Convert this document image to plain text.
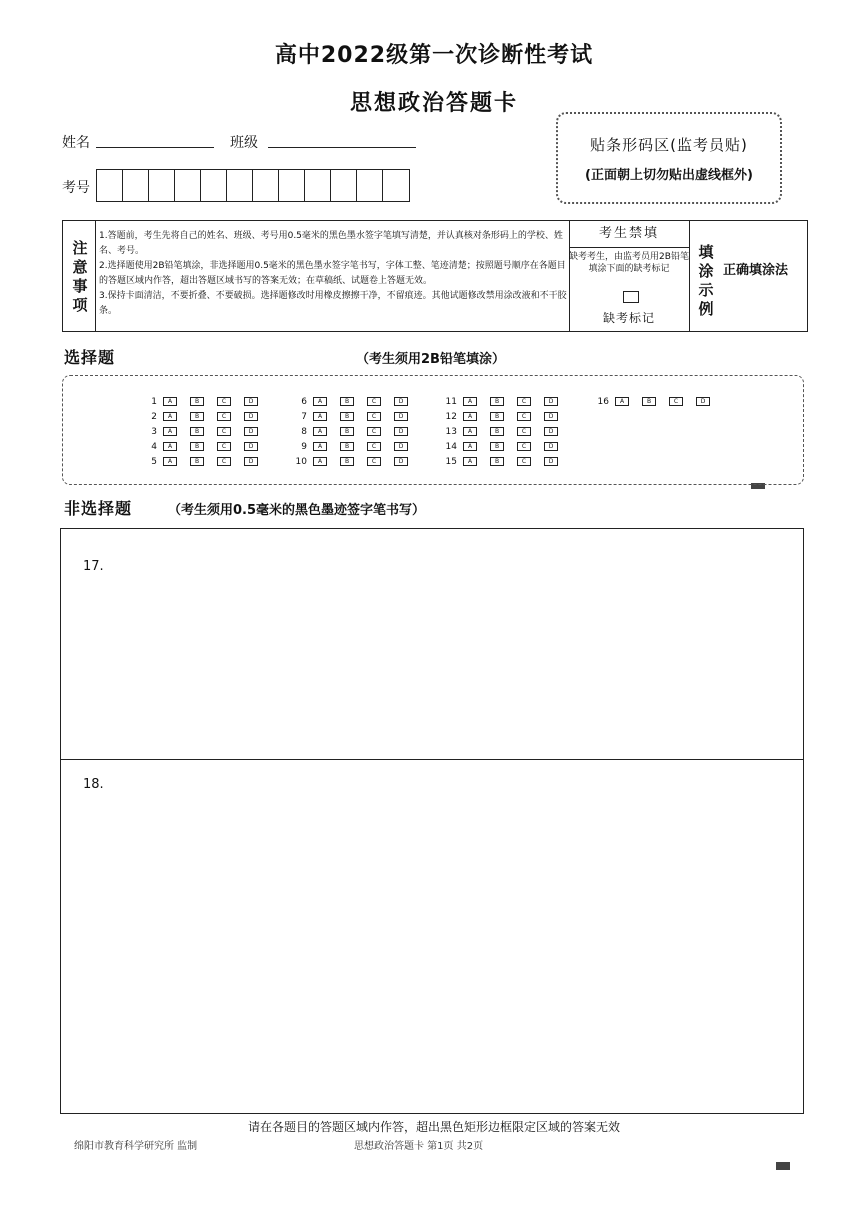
高中2022级第一次诊断性考试
思想政治答题卡
姓名	班级
考号
贴条形码区(监考员贴)
(正面朝上切勿贴出虚线框外)
注
意
事
项
1.答题前，考生先将自己的姓名、班级、考号用0.5毫米的黑色墨水签字笔填写清楚，并认真核对条形码上的学校、姓名、考号。
2.选择题使用2B铅笔填涂，非选择题用0.5毫米的黑色墨水签字笔书写，字体工整、笔迹清楚；按照题号顺序在各题目的答题区域内作答，超出答题区域书写的答案无效；在草稿纸、试题卷上答题无效。
3.保持卡面清洁，不要折叠、不要破损。选择题修改时用橡皮擦擦干净，不留痕迹。其他试题修改禁用涂改液和不干胶条。
考生禁填
缺考考生，由监考员用2B铅笔填涂下面的缺考标记
缺考标记
填
涂
示
例
正确填涂法
选择题	（考生须用2B铅笔填涂）
1	A	B	C	D
2	A	B	C	D
3	A	B	C	D
4	A	B	C	D
5	A	B	C	D
6	A	B	C	D
7	A	B	C	D
8	A	B	C	D
9	A	B	C	D
10	A	B	C	D
11	A	B	C	D
12	A	B	C	D
13	A	B	C	D
14	A	B	C	D
15	A	B	C	D
16	A	B	C	D
非选择题	（考生须用0.5毫米的黑色墨迹签字笔书写）
17.
18.
请在各题目的答题区域内作答，超出黑色矩形边框限定区域的答案无效
绵阳市教育科学研究所 监制	思想政治答题卡 第1页 共2页
